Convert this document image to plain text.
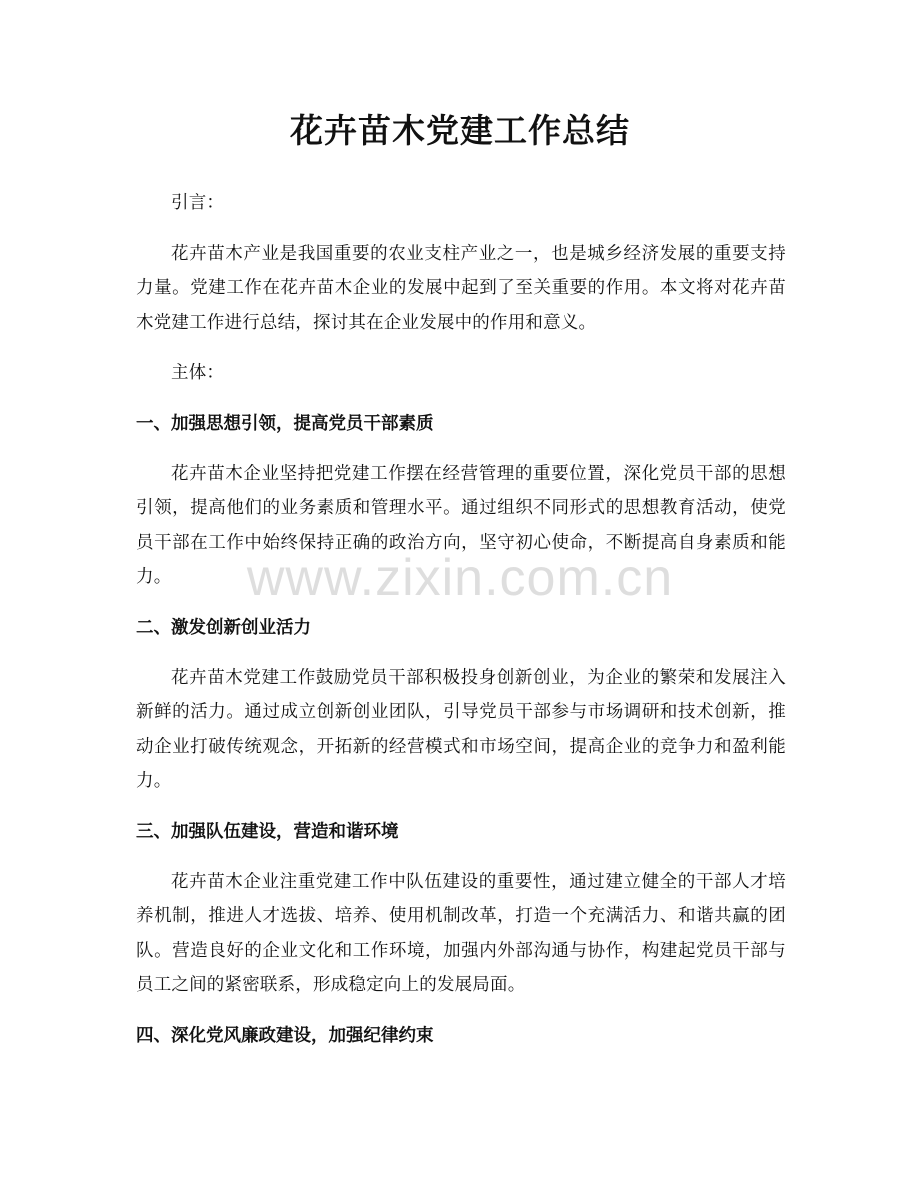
花卉苗木党建工作总结

引言：

花卉苗木产业是我国重要的农业支柱产业之一，也是城乡经济发展的重要支持力量。党建工作在花卉苗木企业的发展中起到了至关重要的作用。本文将对花卉苗木党建工作进行总结，探讨其在企业发展中的作用和意义。

主体：

一、加强思想引领，提高党员干部素质

花卉苗木企业坚持把党建工作摆在经营管理的重要位置，深化党员干部的思想引领，提高他们的业务素质和管理水平。通过组织不同形式的思想教育活动，使党员干部在工作中始终保持正确的政治方向，坚守初心使命，不断提高自身素质和能力。

二、激发创新创业活力

花卉苗木党建工作鼓励党员干部积极投身创新创业，为企业的繁荣和发展注入新鲜的活力。通过成立创新创业团队，引导党员干部参与市场调研和技术创新，推动企业打破传统观念，开拓新的经营模式和市场空间，提高企业的竞争力和盈利能力。

三、加强队伍建设，营造和谐环境

花卉苗木企业注重党建工作中队伍建设的重要性，通过建立健全的干部人才培养机制，推进人才选拔、培养、使用机制改革，打造一个充满活力、和谐共赢的团队。营造良好的企业文化和工作环境，加强内外部沟通与协作，构建起党员干部与员工之间的紧密联系，形成稳定向上的发展局面。

四、深化党风廉政建设，加强纪律约束
www.zixin.com.cn
